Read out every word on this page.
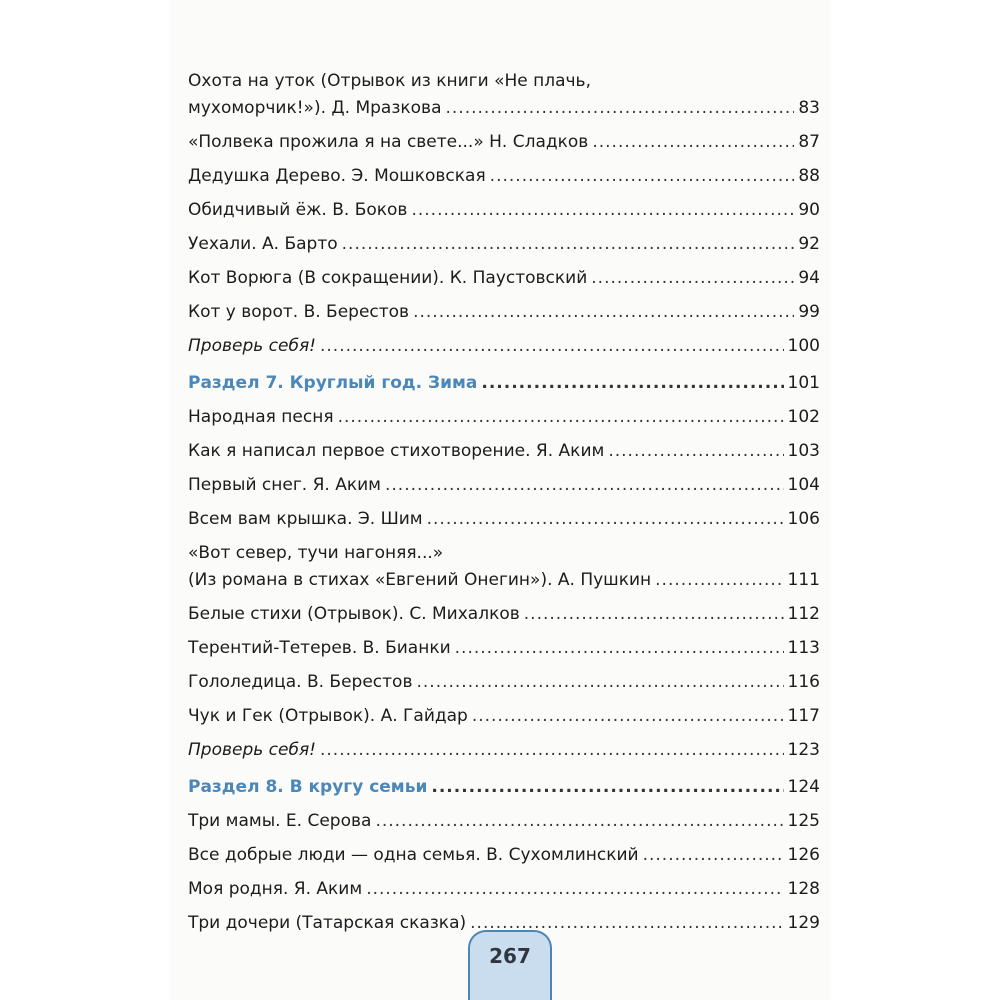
Охота на уток (Отрывок из книги «Не плачь,
мухоморчик!»). Д. Мразкова .....	83
«Полвека прожила я на свете...» Н. Сладков .....	87
Дедушка Дерево. Э. Мошковская .....	88
Обидчивый ёж. В. Боков .....	90
Уехали. А. Барто .....	92
Кот Ворюга (В сокращении). К. Паустовский .....	94
Кот у ворот. В. Берестов .....	99
Проверь себя! .....	100
Раздел 7. Круглый год. Зима .....	101
Народная песня .....	102
Как я написал первое стихотворение. Я. Аким .....	103
Первый снег. Я. Аким .....	104
Всем вам крышка. Э. Шим .....	106
«Вот север, тучи нагоняя...»
(Из романа в стихах «Евгений Онегин»). А. Пушкин .....	111
Белые стихи (Отрывок). С. Михалков .....	112
Терентий-Тетерев. В. Бианки .....	113
Гололедица. В. Берестов .....	116
Чук и Гек (Отрывок). А. Гайдар .....	117
Проверь себя! .....	123
Раздел 8. В кругу семьи .....	124
Три мамы. Е. Серова .....	125
Все добрые люди — одна семья. В. Сухомлинский .....	126
Моя родня. Я. Аким .....	128
Три дочери (Татарская сказка) .....	129
267
